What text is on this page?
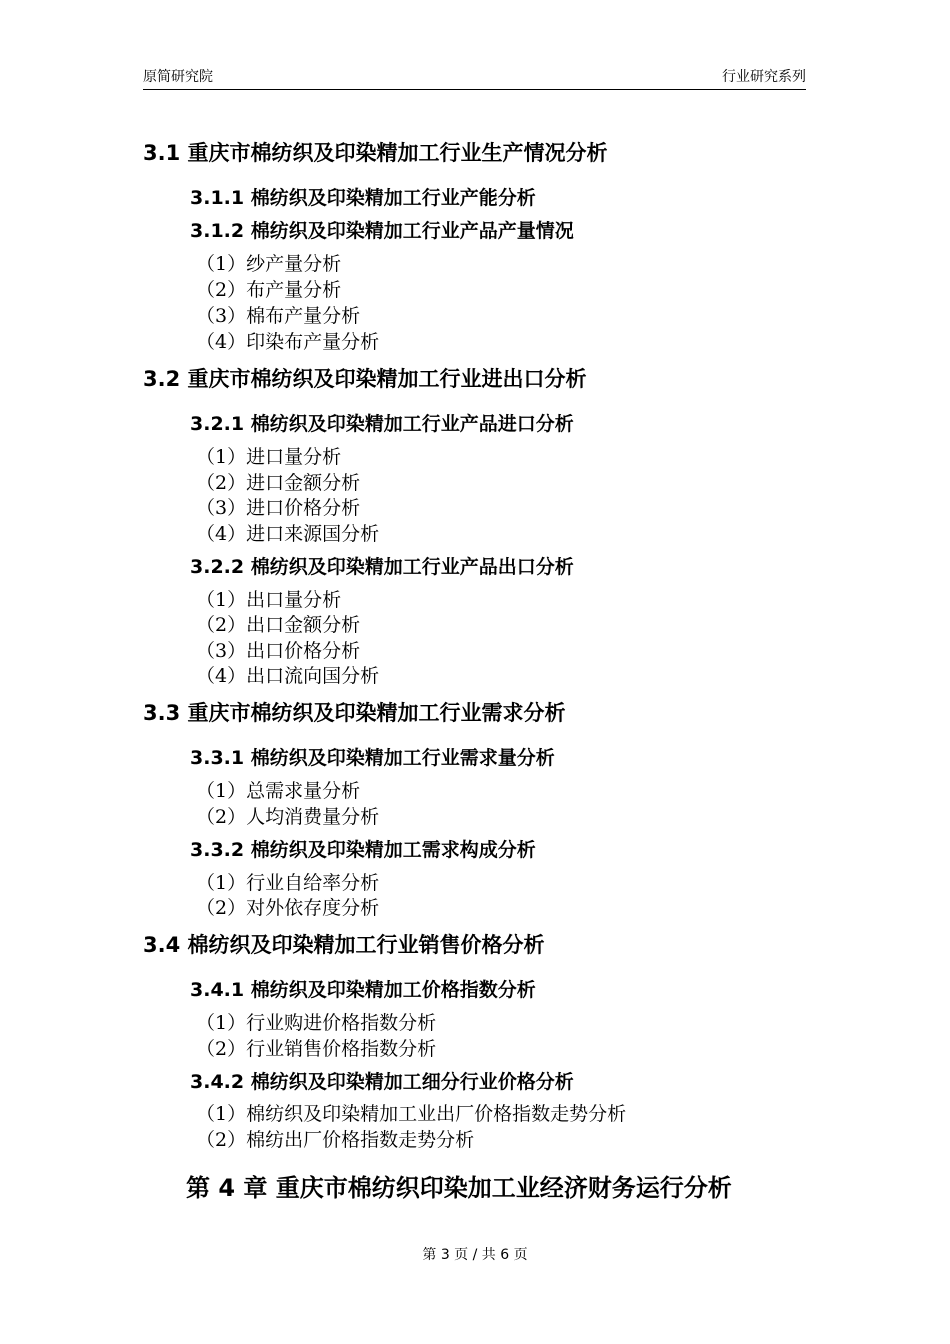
原简研究院	行业研究系列
3.1 重庆市棉纺织及印染精加工行业生产情况分析
3.1.1 棉纺织及印染精加工行业产能分析
3.1.2 棉纺织及印染精加工行业产品产量情况
（1）纱产量分析
（2）布产量分析
（3）棉布产量分析
（4）印染布产量分析
3.2 重庆市棉纺织及印染精加工行业进出口分析
3.2.1 棉纺织及印染精加工行业产品进口分析
（1）进口量分析
（2）进口金额分析
（3）进口价格分析
（4）进口来源国分析
3.2.2 棉纺织及印染精加工行业产品出口分析
（1）出口量分析
（2）出口金额分析
（3）出口价格分析
（4）出口流向国分析
3.3 重庆市棉纺织及印染精加工行业需求分析
3.3.1 棉纺织及印染精加工行业需求量分析
（1）总需求量分析
（2）人均消费量分析
3.3.2 棉纺织及印染精加工需求构成分析
（1）行业自给率分析
（2）对外依存度分析
3.4 棉纺织及印染精加工行业销售价格分析
3.4.1 棉纺织及印染精加工价格指数分析
（1）行业购进价格指数分析
（2）行业销售价格指数分析
3.4.2 棉纺织及印染精加工细分行业价格分析
（1）棉纺织及印染精加工业出厂价格指数走势分析
（2）棉纺出厂价格指数走势分析
第 4 章 重庆市棉纺织印染加工业经济财务运行分析
第 3 页 / 共 6 页
